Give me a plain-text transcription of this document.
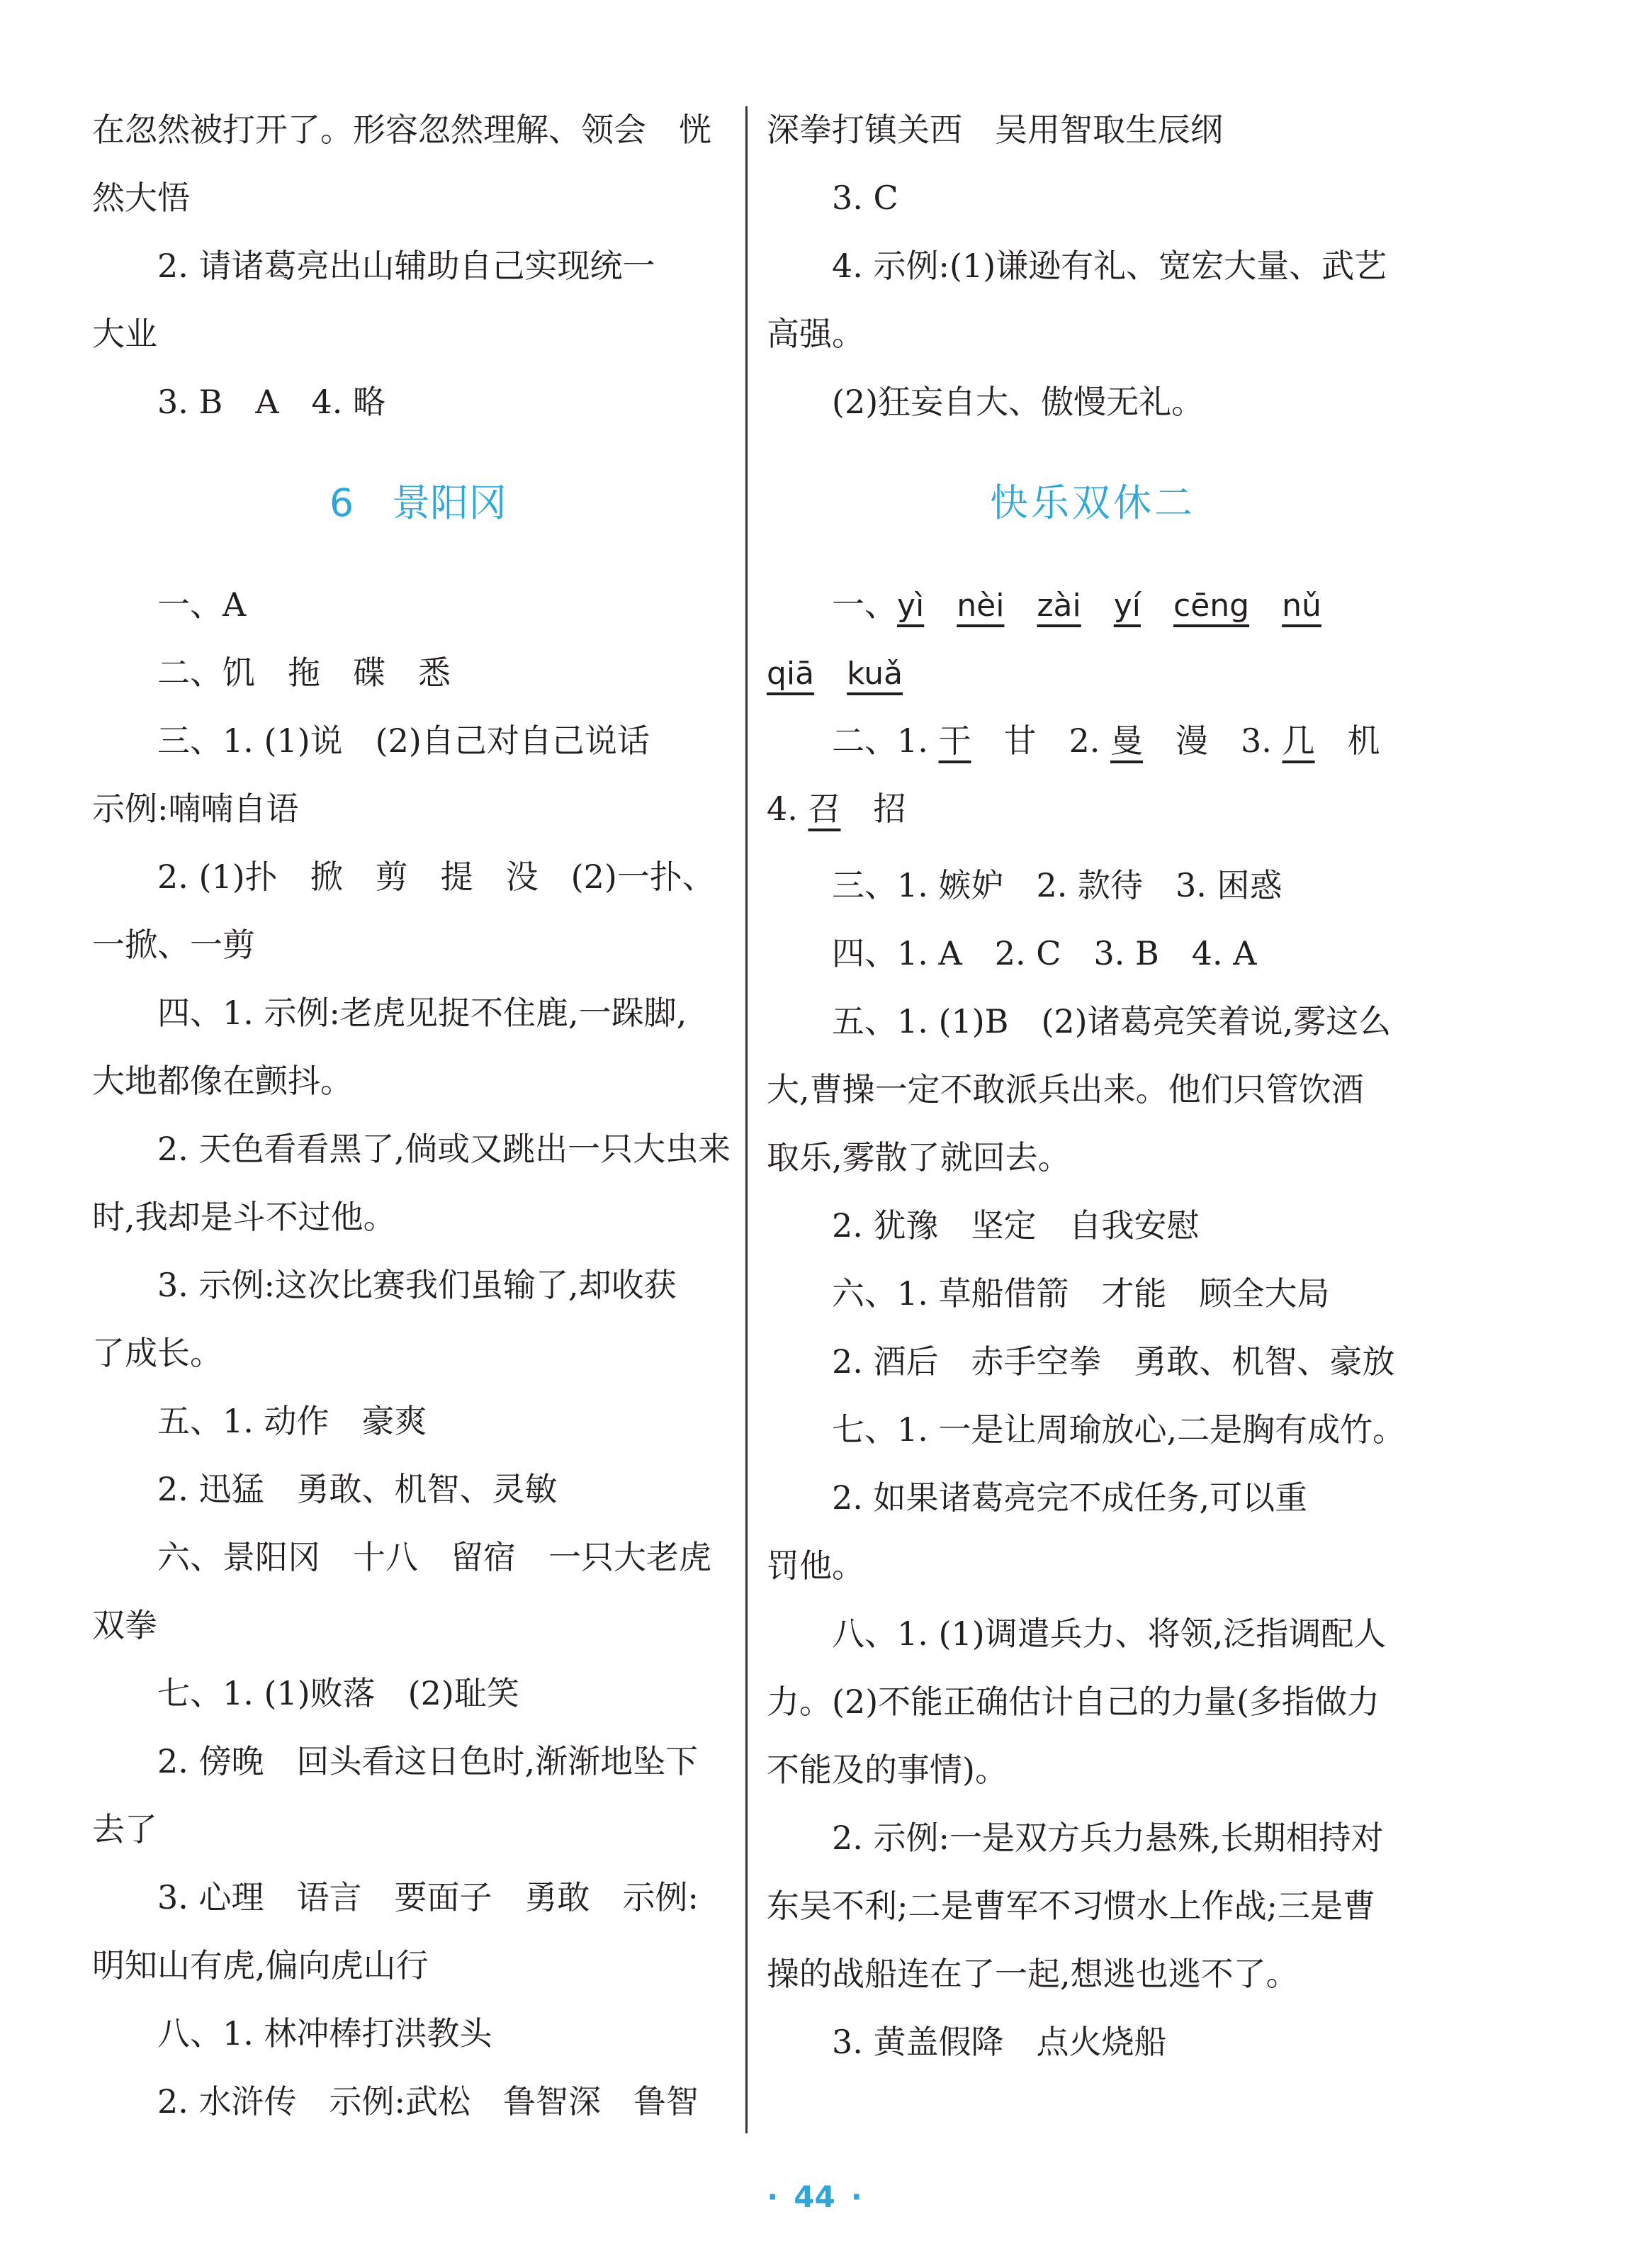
在忽然被打开了。形容忽然理解、领会　恍
然大悟
2. 请诸葛亮出山辅助自己实现统一
大业
3. B　A　4. 略
6　景阳冈
一、A
二、饥　拖　碟　悉
三、1. (1)说　(2)自己对自己说话
示例:喃喃自语
2. (1)扑　掀　剪　提　没　(2)一扑、
一掀、一剪
四、1. 示例:老虎见捉不住鹿,一跺脚,
大地都像在颤抖。
2. 天色看看黑了,倘或又跳出一只大虫来
时,我却是斗不过他。
3. 示例:这次比赛我们虽输了,却收获
了成长。
五、1. 动作　豪爽
2. 迅猛　勇敢、机智、灵敏
六、景阳冈　十八　留宿　一只大老虎
双拳
七、1. (1)败落　(2)耻笑
2. 傍晚　回头看这日色时,渐渐地坠下
去了
3. 心理　语言　要面子　勇敢　示例:
明知山有虎,偏向虎山行
八、1. 林冲棒打洪教头
2. 水浒传　示例:武松　鲁智深　鲁智
深拳打镇关西　吴用智取生辰纲
3. C
4. 示例:(1)谦逊有礼、宽宏大量、武艺
高强。
(2)狂妄自大、傲慢无礼。
快乐双休二
一、yì　 nèi　 zài　 yí　 cēng　 nǔ
qiā　 kuǎ
二、1. 干　甘　2. 曼　漫　3. 几　机
4. 召　招
三、1. 嫉妒　2. 款待　3. 困惑
四、1. A　2. C　3. B　4. A
五、1. (1)B　(2)诸葛亮笑着说,雾这么
大,曹操一定不敢派兵出来。他们只管饮酒
取乐,雾散了就回去。
2. 犹豫　坚定　自我安慰
六、1. 草船借箭　才能　顾全大局
2. 酒后　赤手空拳　勇敢、机智、豪放
七、1. 一是让周瑜放心,二是胸有成竹。
2. 如果诸葛亮完不成任务,可以重
罚他。
八、1. (1)调遣兵力、将领,泛指调配人
力。(2)不能正确估计自己的力量(多指做力
不能及的事情)。
2. 示例:一是双方兵力悬殊,长期相持对
东吴不利;二是曹军不习惯水上作战;三是曹
操的战船连在了一起,想逃也逃不了。
3. 黄盖假降　点火烧船
· 44 ·
